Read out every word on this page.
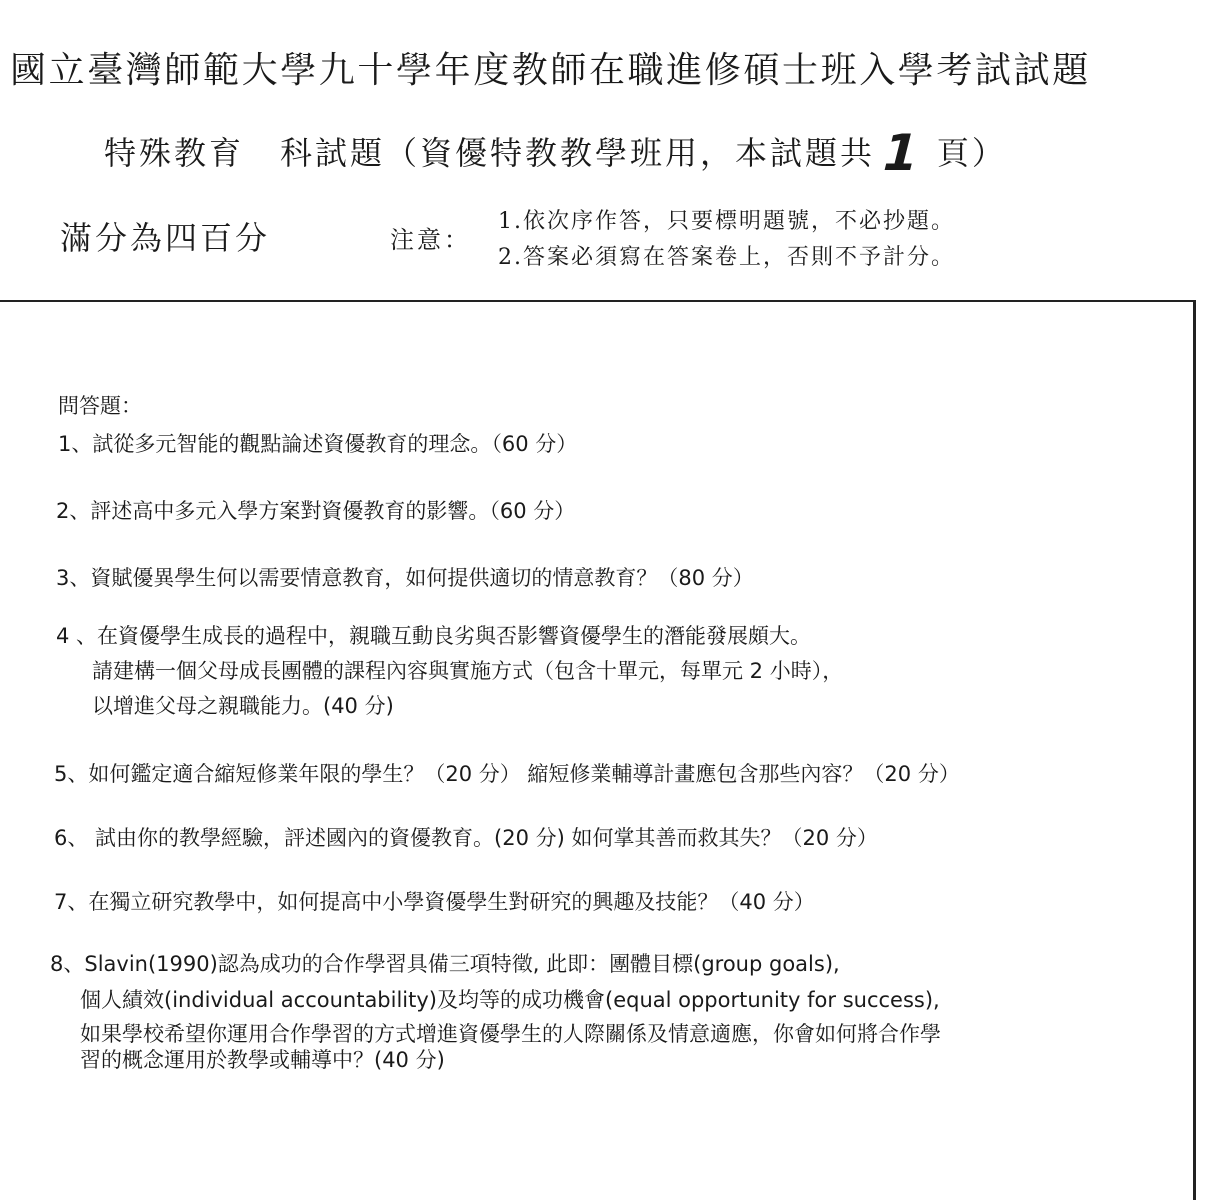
國立臺灣師範大學九十學年度教師在職進修碩士班入學考試試題
特殊教育 科試題（資優特教教學班用，本試題共1 頁）
滿分為四百分	注意：
1.依次序作答，只要標明題號，不必抄題。
2.答案必須寫在答案卷上，否則不予計分。
問答題：
1、試從多元智能的觀點論述資優教育的理念。（60 分）
2、評述高中多元入學方案對資優教育的影響。（60 分）
3、資賦優異學生何以需要情意教育，如何提供適切的情意教育？（80 分）
4 、在資優學生成長的過程中，親職互動良劣與否影響資優學生的潛能發展頗大。
請建構一個父母成長團體的課程內容與實施方式（包含十單元，每單元 2 小時），
以增進父母之親職能力。(40 分)
5、如何鑑定適合縮短修業年限的學生？（20 分） 縮短修業輔導計畫應包含那些內容？（20 分）
6、 試由你的教學經驗，評述國內的資優教育。(20 分) 如何掌其善而救其失？（20 分）
7、在獨立研究教學中，如何提高中小學資優學生對研究的興趣及技能？（40 分）
8、Slavin(1990)認為成功的合作學習具備三項特徵, 此即：團體目標(group goals),
個人績效(individual accountability)及均等的成功機會(equal opportunity for success),
如果學校希望你運用合作學習的方式增進資優學生的人際關係及情意適應，你會如何將合作學
習的概念運用於教學或輔導中？(40 分)
